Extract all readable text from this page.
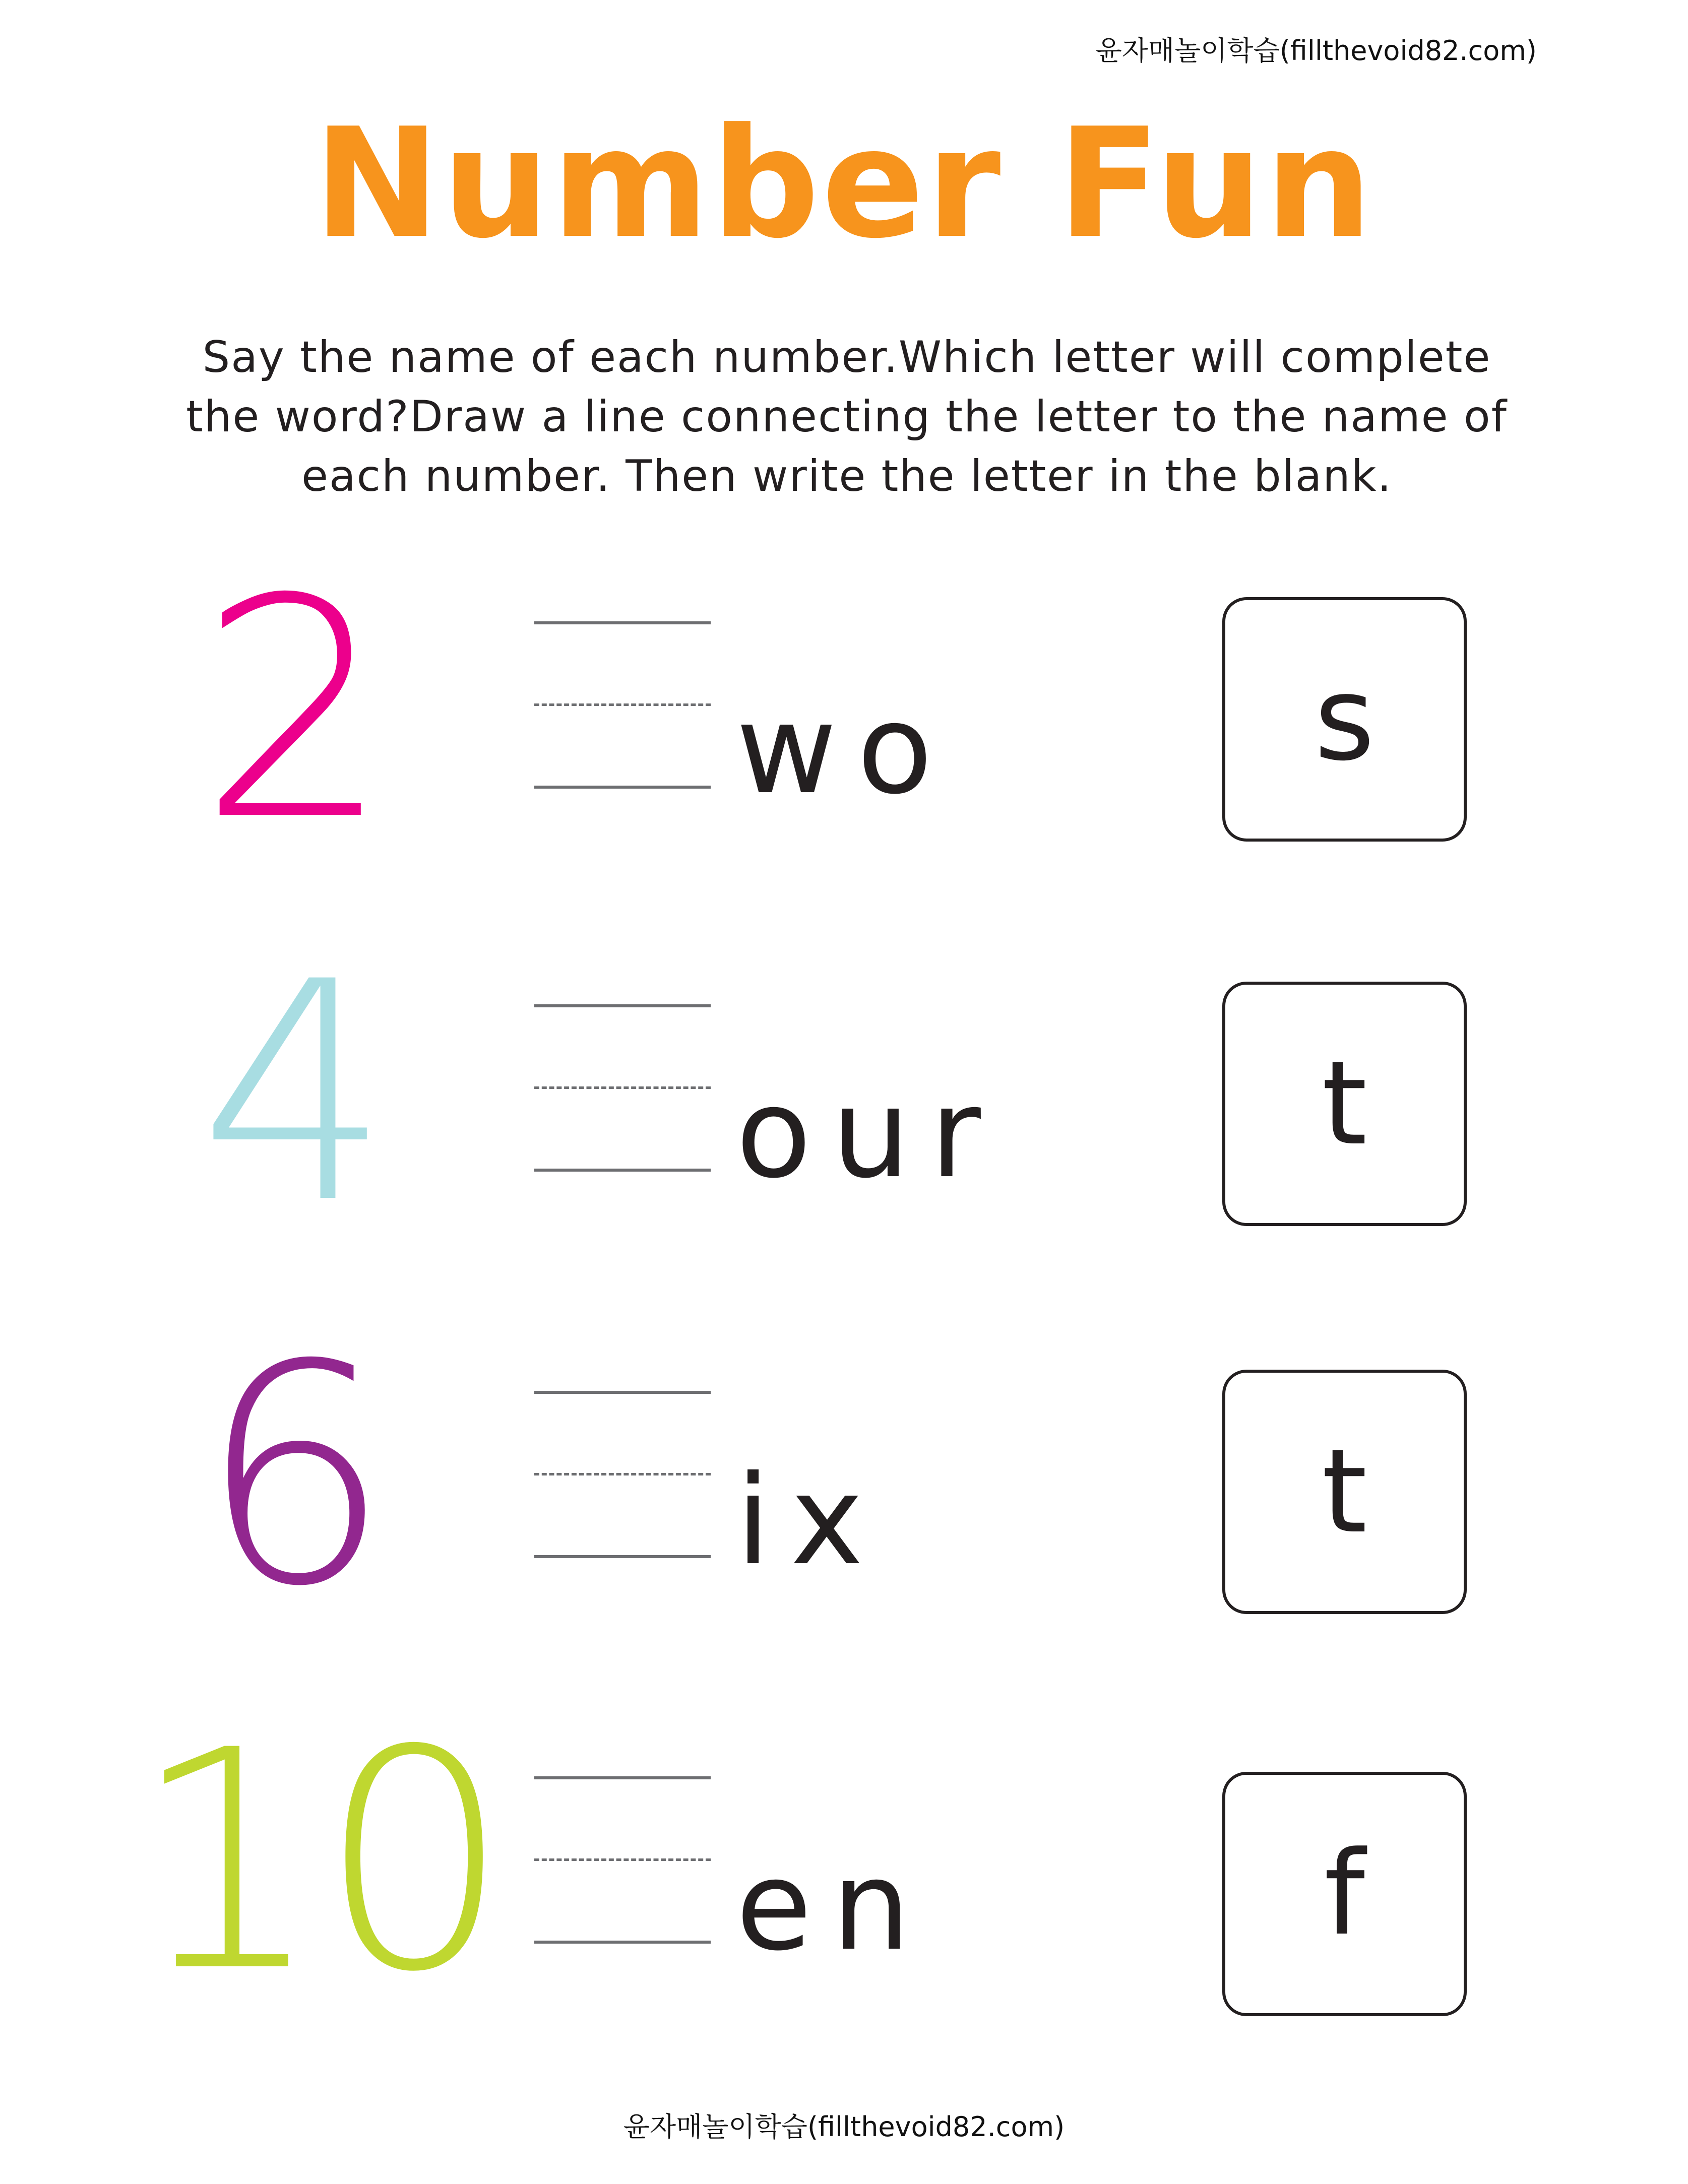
윤자매놀이학습(fillthevoid82.com)
Number Fun
Say the name of each number.Which letter will complete the word?Draw a line connecting the letter to the name of each number. Then write the letter in the blank.
2	wo	s
4	our	t
6	ix	t
10 en	f
윤자매놀이학습(fillthevoid82.com)
